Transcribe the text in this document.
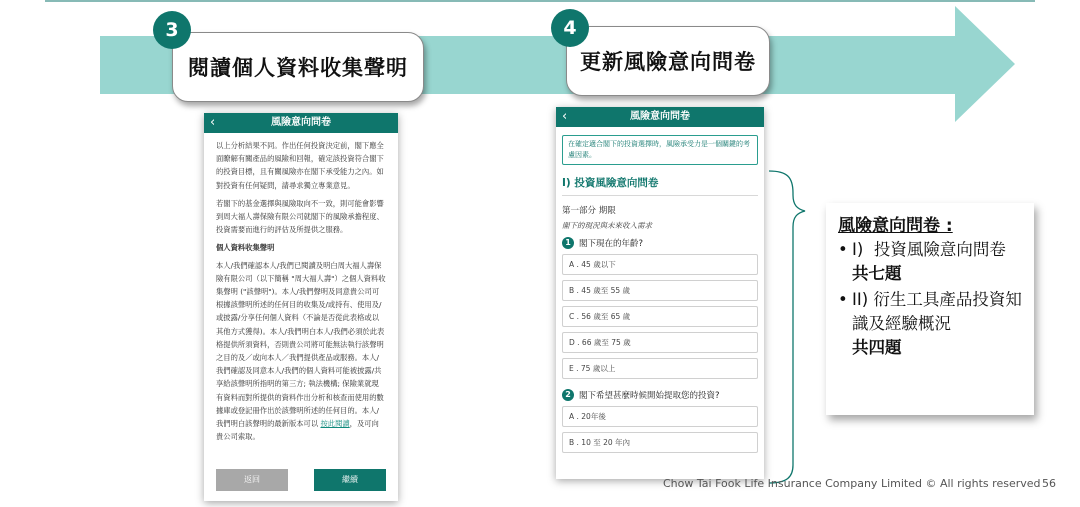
閱讀個人資料收集聲明
3
更新風險意向問卷
4
‹	風險意向問卷

以上分析結果不同。作出任何投資決定前，閣下應全面瞭解有關產品的風險和回報，確定該投資符合閣下的投資目標，且有關風險亦在閣下承受能力之內。如對投資有任何疑問，請尋求獨立專業意見。

若閣下的基金選擇與風險取向不一致，則可能會影響到周大福人壽保險有限公司就閣下的風險承擔程度、投資需要而進行的評估及所提供之服務。

個人資料收集聲明

本人/我們確認本人/我們已閱讀及明白周大福人壽保險有限公司（以下簡稱 "周大福人壽"）之個人資料收集聲明 ("該聲明")。本人/我們聲明及同意貴公司可根據該聲明所述的任何目的收集及/或持有、使用及/或披露/分享任何個人資料（不論是否從此表格或以其他方式獲得)。本人/我們明白本人/我們必須於此表格提供所須資料，否則貴公司將可能無法執行該聲明之目的及／或向本人／我們提供產品或服務。本人/我們確認及同意本人/我們的個人資料可能被披露/共享給該聲明所指明的第三方; 執法機構; 保險業就現有資料而對所提供的資料作出分析和核查而使用的數據庫或登記冊作出於該聲明所述的任何目的。本人/我們明白該聲明的最新版本可以 按此閱讀，及可向貴公司索取。

返回	繼續
‹	風險意向問卷
在確定適合閣下的投資選擇時，風險承受力是一個關鍵的考慮因素。
I) 投資風險意向問卷
第一部分 期限
閣下的現況與未來收入需求
1 閣下現在的年齡?
A . 45 歲以下
B . 45 歲至 55 歲
C . 56 歲至 65 歲
D . 66 歲至 75 歲
E . 75 歲以上
2 閣下希望甚麼時候開始提取您的投資?
A . 20年後
B . 10 至 20 年內
風險意向問卷 :
• I) 投資風險意向問卷
共七題
• II) 衍生工具產品投資知識及經驗概況
共四題
Chow Tai Fook Life Insurance Company Limited © All rights reserved 56
